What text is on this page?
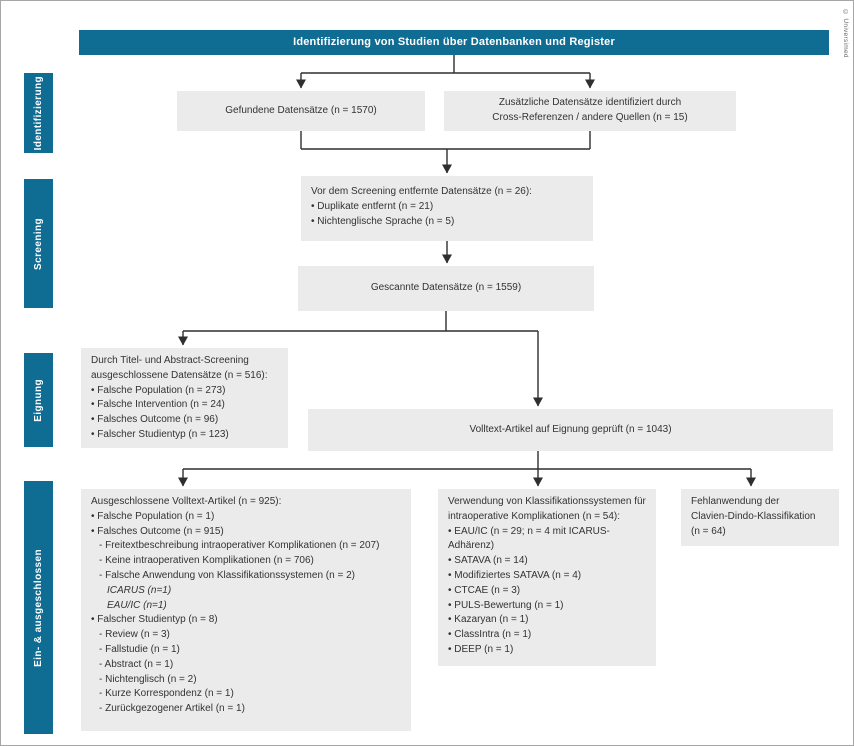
Identifizierung von Studien über Datenbanken und Register	© Universimed
Identifizierung
Screening
Eignung
Ein- & ausgeschlossen
Gefundene Datensätze (n = 1570)
Zusätzliche Datensätze identifiziert durch
Cross-Referenzen / andere Quellen (n = 15)
Vor dem Screening entfernte Datensätze (n = 26):
• Duplikate entfernt (n = 21)
• Nichtenglische Sprache (n = 5)
Gescannte Datensätze (n = 1559)
Durch Titel- und Abstract-Screening ausgeschlossene Datensätze (n = 516):
• Falsche Population (n = 273)
• Falsche Intervention (n = 24)
• Falsches Outcome (n = 96)
• Falscher Studientyp (n = 123)	Volltext-Artikel auf Eignung geprüft (n = 1043)
Ausgeschlossene Volltext-Artikel (n = 925):
• Falsche Population (n = 1)
• Falsches Outcome (n = 915)
- Freitextbeschreibung intraoperativer Komplikationen (n = 207)
- Keine intraoperativen Komplikationen (n = 706)
- Falsche Anwendung von Klassifikationssystemen (n = 2)
ICARUS (n=1)
EAU/IC (n=1)
• Falscher Studientyp (n = 8)
- Review (n = 3)
- Fallstudie (n = 1)
- Abstract (n = 1)
- Nichtenglisch (n = 2)
- Kurze Korrespondenz (n = 1)
- Zurückgezogener Artikel (n = 1)
Verwendung von Klassifikationssystemen für intraoperative Komplikationen (n = 54):
• EAU/IC (n = 29; n = 4 mit ICARUS-Adhärenz)
• SATAVA (n = 14)
• Modifiziertes SATAVA (n = 4)
• CTCAE (n = 3)
• PULS-Bewertung (n = 1)
• Kazaryan (n = 1)
• ClassIntra (n = 1)
• DEEP (n = 1)
Fehlanwendung der
Clavien-Dindo-Klassifikation
(n = 64)
